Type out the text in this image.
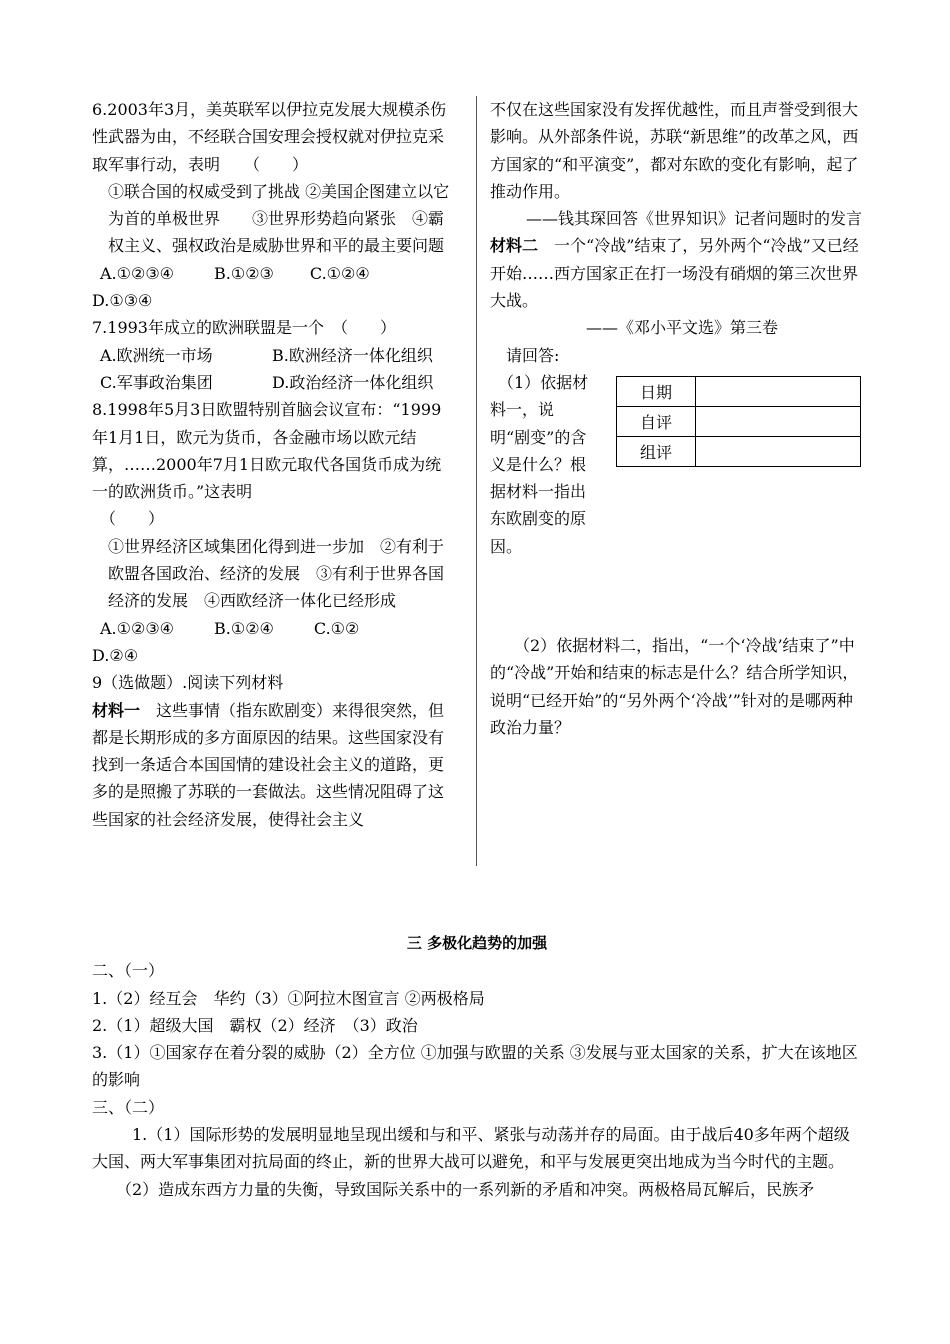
6.2003年3月，美英联军以伊拉克发展大规模杀伤性武器为由，不经联合国安理会授权就对伊拉克采取军事行动，表明　　（　　）

①联合国的权威受到了挑战 ②美国企图建立以它为首的单极世界　　③世界形势趋向紧张　④霸权主义、强权政治是威胁世界和平的最主要问题

A.①②③④	B.①②③ C.①②④

D.①③④

7.1993年成立的欧洲联盟是一个　（　　）

A.欧洲统一市场	B.欧洲经济一体化组织

C.军事政治集团	D.政治经济一体化组织

8.1998年5月3日欧盟特别首脑会议宣布：“1999年1月1日，欧元为货币，各金融市场以欧元结算，……2000年7月1日欧元取代各国货币成为统一的欧洲货币。”这表明

（　　）

①世界经济区域集团化得到进一步加　②有利于欧盟各国政治、经济的发展　③有利于世界各国经济的发展　④西欧经济一体化已经形成

A.①②③④	B.①②④	C.①②

D.②④

9（选做题）.阅读下列材料

材料一　这些事情（指东欧剧变）来得很突然，但都是长期形成的多方面原因的结果。这些国家没有找到一条适合本国国情的建设社会主义的道路，更多的是照搬了苏联的一套做法。这些情况阻碍了这些国家的社会经济发展，使得社会主义

不仅在这些国家没有发挥优越性，而且声誉受到很大影响。从外部条件说，苏联“新思维”的改革之风，西方国家的“和平演变”，都对东欧的变化有影响，起了推动作用。

——钱其琛回答《世界知识》记者问题时的发言

材料二　一个“冷战”结束了，另外两个“冷战”又已经开始……西方国家正在打一场没有硝烟的第三次世界大战。

——《邓小平文选》第三卷

请回答:

（1）依据材料一，说明“剧变”的含义是什么？根据材料一指出东欧剧变的原因。

日期	
自评	
组评	
（2）依据材料二，指出，“一个‘冷战’结束了”中的“冷战”开始和结束的标志是什么？结合所学知识，说明“已经开始”的“另外两个‘冷战’”针对的是哪两种政治力量？

三 多极化趋势的加强

二、（一）

1.（2）经互会　华约（3）①阿拉木图宣言 ②两极格局

2.（1）超级大国　霸权（2）经济　（3）政治

3.（1）①国家存在着分裂的威胁（2）全方位 ①加强与欧盟的关系 ③发展与亚太国家的关系，扩大在该地区的影响

三、（二）

1.（1）国际形势的发展明显地呈现出缓和与和平、紧张与动荡并存的局面。由于战后40多年两个超级大国、两大军事集团对抗局面的终止，新的世界大战可以避免，和平与发展更突出地成为当今时代的主题。

（2）造成东西方力量的失衡，导致国际关系中的一系列新的矛盾和冲突。两极格局瓦解后，民族矛
